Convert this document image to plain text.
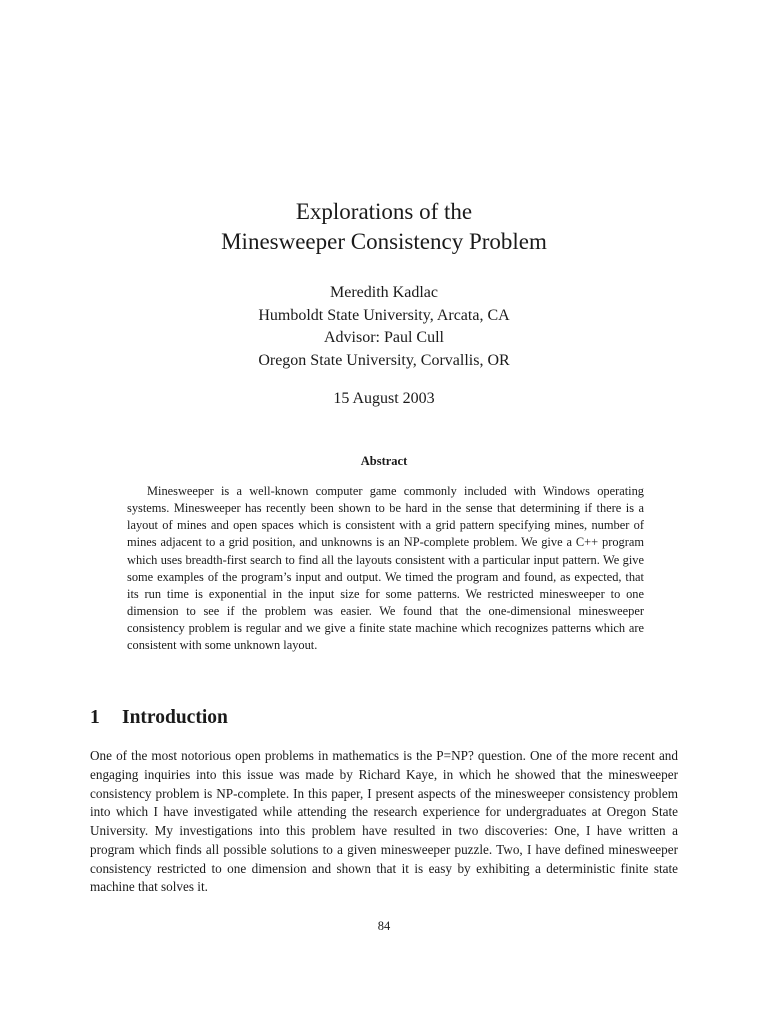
Explorations of the
Minesweeper Consistency Problem
Meredith Kadlac
Humboldt State University, Arcata, CA
Advisor: Paul Cull
Oregon State University, Corvallis, OR
15 August 2003
Abstract

Minesweeper is a well-known computer game commonly included with Windows operating systems. Minesweeper has recently been shown to be hard in the sense that determining if there is a layout of mines and open spaces which is consistent with a grid pattern specifying mines, number of mines adjacent to a grid position, and unknowns is an NP-complete problem. We give a C++ program which uses breadth-first search to find all the layouts consistent with a particular input pattern. We give some examples of the program’s input and output. We timed the program and found, as expected, that its run time is exponential in the input size for some patterns. We restricted minesweeper to one dimension to see if the problem was easier. We found that the one-dimensional minesweeper consistency problem is regular and we give a finite state machine which recognizes patterns which are consistent with some unknown layout.

1 Introduction

One of the most notorious open problems in mathematics is the P=NP? question. One of the more recent and engaging inquiries into this issue was made by Richard Kaye, in which he showed that the minesweeper consistency problem is NP-complete. In this paper, I present aspects of the minesweeper consistency problem into which I have investigated while attending the research experience for undergraduates at Oregon State University. My investigations into this problem have resulted in two discoveries: One, I have written a program which finds all possible solutions to a given minesweeper puzzle. Two, I have defined minesweeper consistency restricted to one dimension and shown that it is easy by exhibiting a deterministic finite state machine that solves it.

84
